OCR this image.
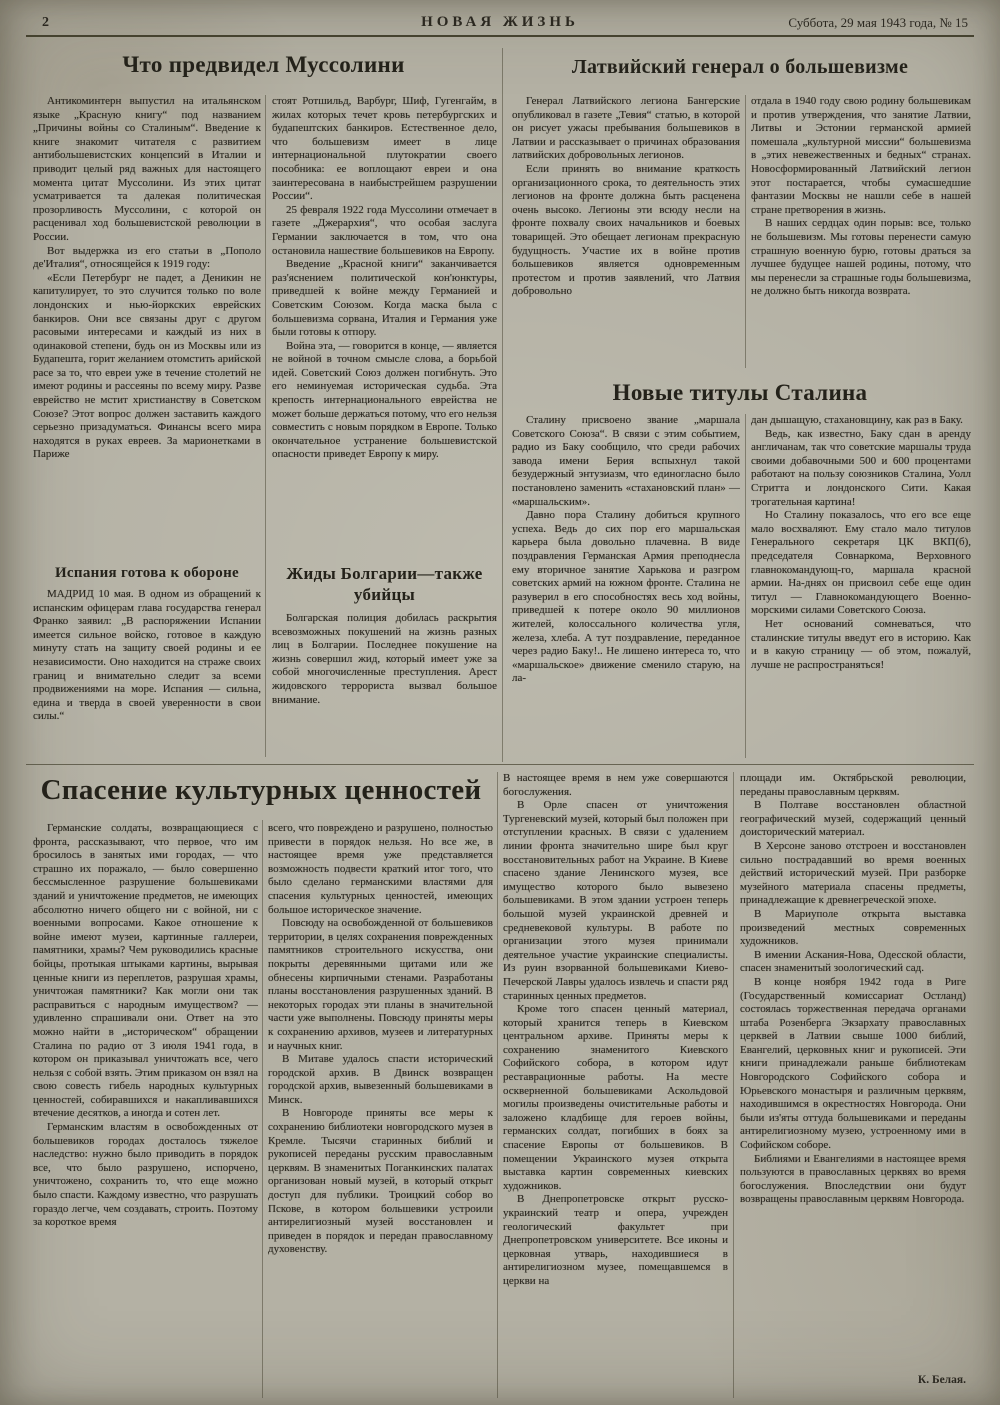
2	НОВАЯ ЖИЗНЬ	Суббота, 29 мая 1943 года, № 15
Что предвидел Муссолини

Антикоминтерн выпустил на итальянском языке „Красную книгу“ под названием „Причины войны со Сталиным“. Введение к книге знакомит читателя с развитием антибольшевистских концепсий в Италии и приводит целый ряд важных для настоящего момента цитат Муссолини. Из этих цитат усматривается та далекая политическая прозорливость Муссолини, с которой он расценивал ход большевистской революции в России.

Вот выдержка из его статьи в „Пополо де'Италия“, относящейся к 1919 году:

«Если Петербург не падет, а Деникин не капитулирует, то это случится только по воле лондонских и нью-йоркских еврейских банкиров. Они все связаны друг с другом расовыми интересами и каждый из них в одинаковой степени, будь он из Москвы или из Будапешта, горит желанием отомстить арийской расе за то, что евреи уже в течение столетий не имеют родины и рассеяны по всему миру. Разве еврейство не мстит христианству в Советском Союзе? Этот вопрос должен заставить каждого серьезно призадуматься. Финансы всего мира находятся в руках евреев. За марионетками в Париже

стоят Ротшильд, Варбург, Шиф, Гугенгайм, в жилах которых течет кровь петербургских и будапештских банкиров. Естественное дело, что большевизм имеет в лице интернациональной плутократии своего пособника: ее воплощают евреи и она заинтересована в наибыстрейшем разрушении России“.

25 февраля 1922 года Муссолини отмечает в газете „Джерархия“, что особая заслуга Германии заключается в том, что она остановила нашествие большевиков на Европу.

Введение „Красной книги“ заканчивается раз'яснением политической кон'юнктуры, приведшей к войне между Германией и Советским Союзом. Когда маска была с большевизма сорвана, Италия и Германия уже были готовы к отпору.

Война эта, — говорится в конце, — является не войной в точном смысле слова, а борьбой идей. Советский Союз должен погибнуть. Это его неминуемая историческая судьба. Эта крепость интернационального еврейства не может больше держаться потому, что его нельзя совместить с новым порядком в Европе. Только окончательное устранение большевистской опасности приведет Европу к миру.

Латвийский генерал о большевизме

Генерал Латвийского легиона Бангерские опубликовал в газете „Тевия“ статью, в которой он рисует ужасы пребывания большевиков в Латвии и рассказывает о причинах образования латвийских добровольных легионов.

Если принять во внимание краткость организационного срока, то деятельность этих легионов на фронте должна быть расценена очень высоко. Легионы эти всюду несли на фронте похвалу своих начальников и боевых товарищей. Это обещает легионам прекрасную будущность. Участие их в войне против большевиков является одновременным протестом и против заявлений, что Латвия добровольно

отдала в 1940 году свою родину большевикам и против утверждения, что занятие Латвии, Литвы и Эстонии германской армией помешала „культурной миссии“ большевизма в „этих невежественных и бедных“ странах. Новосформированный Латвийский легион этот постарается, чтобы сумасшедшие фантазии Москвы не нашли себе в нашей стране претворения в жизнь.

В наших сердцах один порыв: все, только не большевизм. Мы готовы перенести самую страшную военную бурю, готовы драться за лучшее будущее нашей родины, потому, что мы перенесли за страшные годы большевизма, не должно быть никогда возврата.

Новые титулы Сталина

Сталину присвоено звание „маршала Советского Союза“. В связи с этим событием, радио из Баку сообщило, что среди рабочих завода имени Берия вспыхнул такой безудержный энтузиазм, что единогласно было постановлено заменить «стахановский план» — «маршальским».

Давно пора Сталину добиться крупного успеха. Ведь до сих пор его маршальская карьера была довольно плачевна. В виде поздравления Германская Армия преподнесла ему вторичное занятие Харькова и разгром советских армий на южном фронте. Сталина не разуверил в его способностях весь ход войны, приведшей к потере около 90 миллионов жителей, колоссального количества угля, железа, хлеба. А тут поздравление, переданное через радио Баку!.. Не лишено интереса то, что «маршальское» движение сменило старую, на ла-

дан дышащую, стахановщину, как раз в Баку.

Ведь, как известно, Баку сдан в аренду англичанам, так что советские маршалы труда своими добавочными 500 и 600 процентами работают на пользу союзников Сталина, Уолл Стритта и лондонского Сити. Какая трогательная картина!

Но Сталину показалось, что его все еще мало восхваляют. Ему стало мало титулов Генерального секретаря ЦК ВКП(б), председателя Совнаркома, Верховного главнокомандующ-го, маршала красной армии. На-днях он присвоил себе еще один титул — Главнокомандующего Военно-морскими силами Советского Союза.

Нет оснований сомневаться, что сталинские титулы введут его в историю. Как и в какую страницу — об этом, пожалуй, лучше не распространяться!

Испания готова к обороне

МАДРИД 10 мая. В одном из обращений к испанским офицерам глава государства генерал Франко заявил: „В распоряжении Испании имеется сильное войско, готовое в каждую минуту стать на защиту своей родины и ее независимости. Оно находится на страже своих границ и внимательно следит за всеми продвижениями на море. Испания — сильна, едина и тверда в своей уверенности в свои силы.“

Жиды Болгарии—также убийцы

Болгарская полиция добилась раскрытия всевозможных покушений на жизнь разных лиц в Болгарии. Последнее покушение на жизнь совершил жид, который имеет уже за собой многочисленные преступления. Арест жидовского террориста вызвал большое внимание.

Спасение культурных ценностей

Германские солдаты, возвращающиеся с фронта, рассказывают, что первое, что им бросилось в занятых ими городах, — что страшно их поражало, — было совершенно бессмысленное разрушение большевиками зданий и уничтожение предметов, не имеющих абсолютно ничего общего ни с войной, ни с военными вопросами. Какое отношение к войне имеют музеи, картинные галлереи, памятники, храмы? Чем руководились красные бойцы, протыкая штыками картины, вырывая ценные книги из переплетов, разрушая храмы, уничтожая памятники? Как могли они так расправиться с народным имуществом? — удивленно спрашивали они. Ответ на это можно найти в „историческом“ обращении Сталина по радио от 3 июля 1941 года, в котором он приказывал уничтожать все, чего нельзя с собой взять. Этим приказом он взял на свою совесть гибель народных культурных ценностей, собиравшихся и накапливавшихся втечение десятков, а иногда и сотен лет.

Германским властям в освобожденных от большевиков городах досталось тяжелое наследство: нужно было приводить в порядок все, что было разрушено, испорчено, уничтожено, сохранить то, что еще можно было спасти. Каждому известно, что разрушать гораздо легче, чем создавать, строить. Поэтому за короткое время

всего, что повреждено и разрушено, полностью привести в порядок нельзя. Но все же, в настоящее время уже представляется возможность подвести краткий итог того, что было сделано германскими властями для спасения культурных ценностей, имеющих большое историческое значение.

Повсюду на освобожденной от большевиков территории, в целях сохранения поврежденных памятников строительного искусства, они покрыты деревянными щитами или же обнесены кирпичными стенами. Разработаны планы восстановления разрушенных зданий. В некоторых городах эти планы в значительной части уже выполнены. Повсюду приняты меры к сохранению архивов, музеев и литературных и научных книг.

В Митаве удалось спасти исторический городской архив. В Двинск возвращен городской архив, вывезенный большевиками в Минск.

В Новгороде приняты все меры к сохранению библиотеки новгородского музея в Кремле. Тысячи старинных библий и рукописей переданы русским православным церквям. В знаменитых Поганкинских палатах организован новый музей, в который открыт доступ для публики. Троицкий собор во Пскове, в котором большевики устроили антирелигиозный музей восстановлен и приведен в порядок и передан православному духовенству.

В настоящее время в нем уже совершаются богослужения.

В Орле спасен от уничтожения Тургеневский музей, который был положен при отступлении красных. В связи с удалением линии фронта значительно шире был круг восстановительных работ на Украине. В Киеве спасено здание Ленинского музея, все имущество которого было вывезено большевиками. В этом здании устроен теперь большой музей украинской древней и средневековой культуры. В работе по организации этого музея принимали деятельное участие украинские специалисты. Из руин взорванной большевиками Киево-Печерской Лавры удалось извлечь и спасти ряд старинных ценных предметов.

Кроме того спасен ценный материал, который хранится теперь в Киевском центральном архиве. Приняты меры к сохранению знаменитого Киевского Софийского собора, в котором идут реставрационные работы. На месте оскверненной большевиками Аскольдовой могилы произведены очистительные работы и заложено кладбище для героев войны, германских солдат, погибших в боях за спасение Европы от большевиков. В помещении Украинского музея открыта выставка картин современных киевских художников.

В Днепропетровске открыт русско-украинский театр и опера, учрежден геологический факультет при Днепропетровском университете. Все иконы и церковная утварь, находившиеся в антирелигиозном музее, помещавшемся в церкви на

площади им. Октябрьской революции, переданы православным церквям.

В Полтаве восстановлен областной географический музей, содержащий ценный доисторический материал.

В Херсоне заново отстроен и восстановлен сильно пострадавший во время военных действий исторический музей. При разборке музейного материала спасены предметы, принадлежащие к древнегреческой эпохе.

В Мариуполе открыта выставка произведений местных современных художников.

В имении Аскания-Нова, Одесской области, спасен знаменитый зоологический сад.

В конце ноября 1942 года в Риге (Государственный комиссариат Остланд) состоялась торжественная передача органами штаба Розенберга Экзархату православных церквей в Латвии свыше 1000 библий, Евангелий, церковных книг и рукописей. Эти книги принадлежали раньше библиотекам Новгородского Софийского собора и Юрьевского монастыря и различным церквям, находившимся в окрестностях Новгорода. Они были из'яты оттуда большевиками и переданы антирелигиозному музею, устроенному ими в Софийском соборе.

Библиями и Евангелиями в настоящее время пользуются в православных церквях во время богослужения. Впоследствии они будут возвращены православным церквям Новгорода.

К. Белая.
